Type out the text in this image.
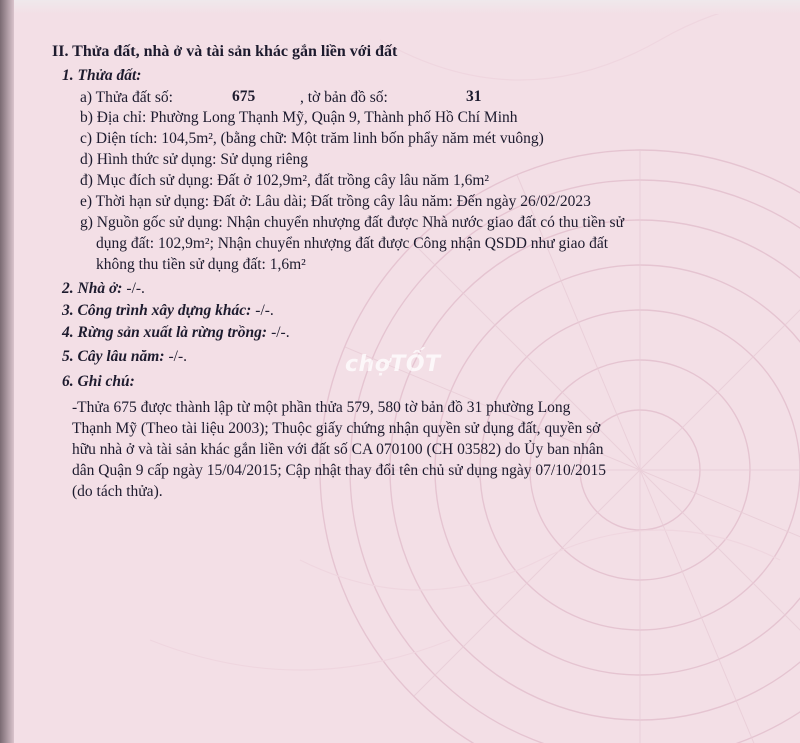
II. Thửa đất, nhà ở và tài sản khác gắn liền với đất
1. Thửa đất:
a) Thửa đất số:	675	, tờ bản đồ số:	31
b) Địa chỉ: Phường Long Thạnh Mỹ, Quận 9, Thành phố Hồ Chí Minh
c) Diện tích: 104,5m², (bằng chữ: Một trăm linh bốn phẩy năm mét vuông)
d) Hình thức sử dụng: Sử dụng riêng
đ) Mục đích sử dụng: Đất ở 102,9m², đất trồng cây lâu năm 1,6m²
e) Thời hạn sử dụng: Đất ở: Lâu dài; Đất trồng cây lâu năm: Đến ngày 26/02/2023
g) Nguồn gốc sử dụng: Nhận chuyển nhượng đất được Nhà nước giao đất có thu tiền sử
dụng đất: 102,9m²; Nhận chuyển nhượng đất được Công nhận QSDD như giao đất
không thu tiền sử dụng đất: 1,6m²
2. Nhà ở: -/-.
3. Công trình xây dựng khác: -/-.
4. Rừng sản xuất là rừng trồng: -/-.
5. Cây lâu năm: -/-.
6. Ghi chú:
-Thửa 675 được thành lập từ một phần thửa 579, 580 tờ bản đồ 31 phường Long
Thạnh Mỹ (Theo tài liệu 2003); Thuộc giấy chứng nhận quyền sử dụng đất, quyền sở
hữu nhà ở và tài sản khác gắn liền với đất số CA 070100 (CH 03582) do Ủy ban nhân
dân Quận 9 cấp ngày 15/04/2015; Cập nhật thay đổi tên chủ sử dụng ngày 07/10/2015
(do tách thửa).
chợTỐT
